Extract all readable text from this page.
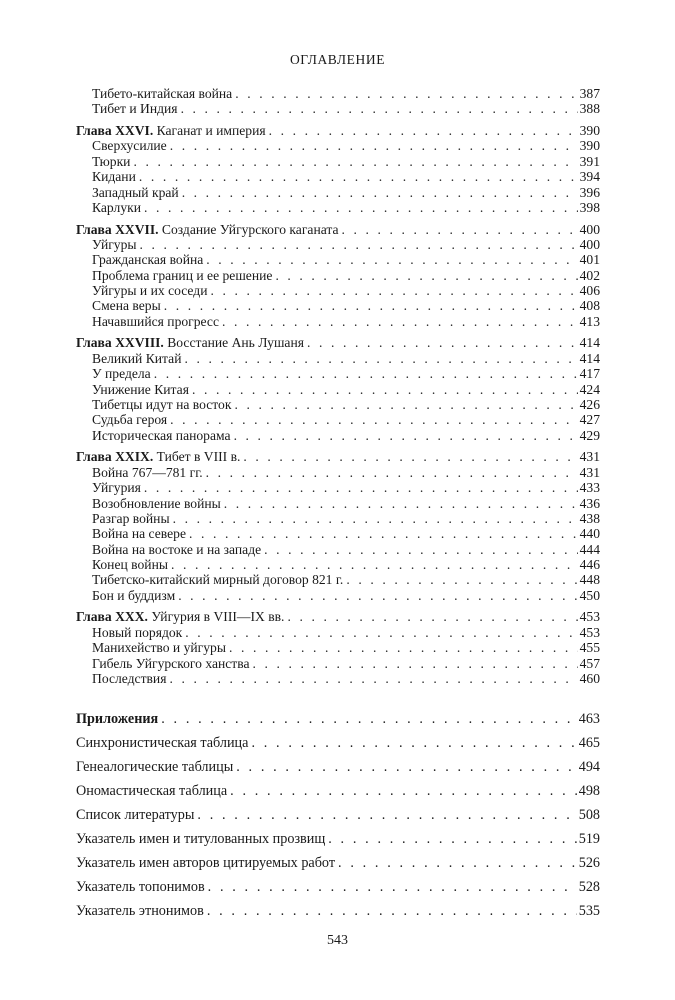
ОГЛАВЛЕНИЕ
Тибето-китайская война . . .	387
Тибет и Индия . . .	388
Глава XXVI. Каганат и империя . . .	390
Сверхусилие . . .	390
Тюрки . . .	391
Кидани . . .	394
Западный край . . .	396
Карлуки . . .	398
Глава XXVII. Создание Уйгурского каганата . . .	400
Уйгуры . . .	400
Гражданская война . . .	401
Проблема границ и ее решение . . .	402
Уйгуры и их соседи . . .	406
Смена веры . . .	408
Начавшийся прогресс . . .	413
Глава XXVIII. Восстание Ань Лушаня . . .	414
Великий Китай . . .	414
У предела . . .	417
Унижение Китая . . .	424
Тибетцы идут на восток . . .	426
Судьба героя . . .	427
Историческая панорама . . .	429
Глава XXIX. Тибет в VIII в. . . .	431
Война 767—781 гг. . . .	431
Уйгурия . . .	433
Возобновление войны . . .	436
Разгар войны . . .	438
Война на севере . . .	440
Война на востоке и на западе . . .	444
Конец войны . . .	446
Тибетско-китайский мирный договор 821 г. . . .	448
Бон и буддизм . . .	450
Глава XXX. Уйгурия в VIII—IX вв. . . .	453
Новый порядок . . .	453
Манихейство и уйгуры . . .	455
Гибель Уйгурского ханства . . .	457
Последствия . . .	460
Приложения . . .	463
Синхронистическая таблица . . .	465
Генеалогические таблицы . . .	494
Ономастическая таблица . . .	498
Список литературы . . .	508
Указатель имен и титулованных прозвищ . . .	519
Указатель имен авторов цитируемых работ . . .	526
Указатель топонимов . . .	528
Указатель этнонимов . . .	535
543
